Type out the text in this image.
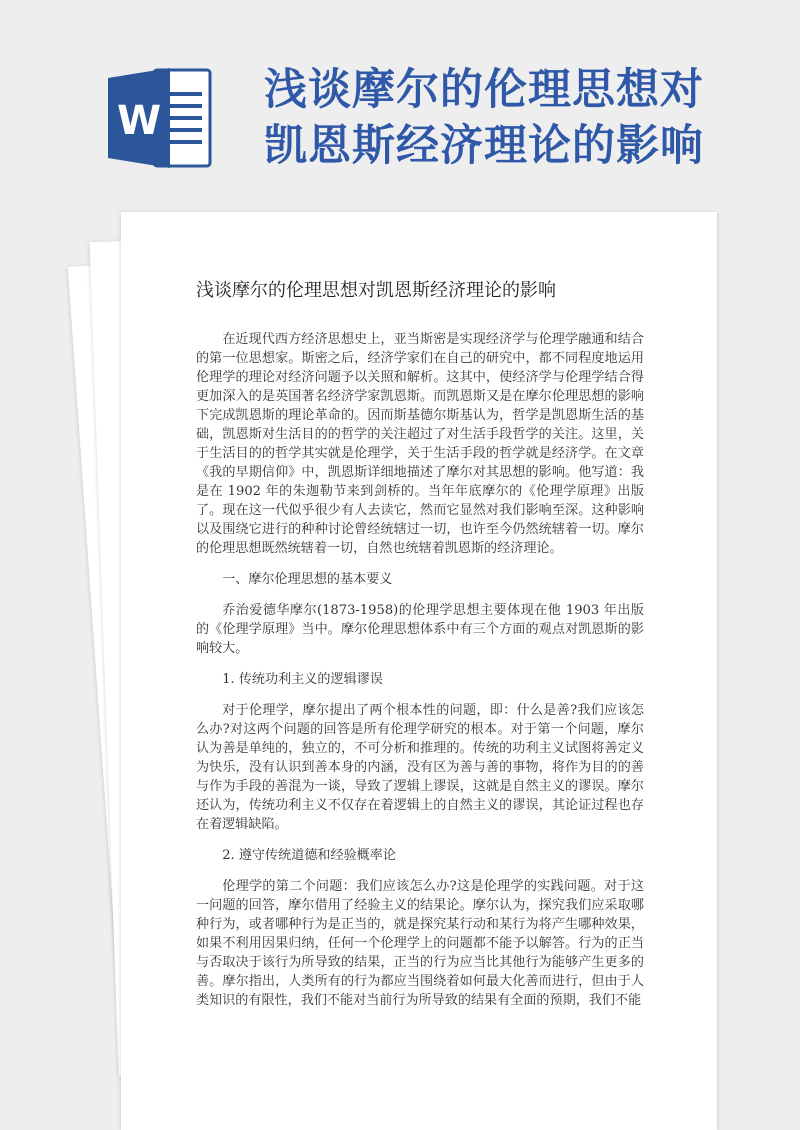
W
浅谈摩尔的伦理思想对
凯恩斯经济理论的影响
浅谈摩尔的伦理思想对凯恩斯经济理论的影响

在近现代西方经济思想史上，亚当斯密是实现经济学与伦理学融通和结合的第一位思想家。斯密之后，经济学家们在自己的研究中，都不同程度地运用伦理学的理论对经济问题予以关照和解析。这其中，使经济学与伦理学结合得更加深入的是英国著名经济学家凯恩斯。而凯恩斯又是在摩尔伦理思想的影响下完成凯恩斯的理论革命的。因而斯基德尔斯基认为，哲学是凯恩斯生活的基础，凯恩斯对生活目的的哲学的关注超过了对生活手段哲学的关注。这里，关于生活目的的哲学其实就是伦理学，关于生活手段的哲学就是经济学。在文章《我的早期信仰》中，凯恩斯详细地描述了摩尔对其思想的影响。他写道：我是在 1902 年的朱迦勒节来到剑桥的。当年年底摩尔的《伦理学原理》出版了。现在这一代似乎很少有人去读它，然而它显然对我们影响至深。这种影响以及围绕它进行的种种讨论曾经统辖过一切，也许至今仍然统辖着一切。摩尔的伦理思想既然统辖着一切，自然也统辖着凯恩斯的经济理论。

一、摩尔伦理思想的基本要义

乔治爱德华摩尔(1873-1958)的伦理学思想主要体现在他 1903 年出版的《伦理学原理》当中。摩尔伦理思想体系中有三个方面的观点对凯恩斯的影响较大。

1. 传统功利主义的逻辑谬误

对于伦理学，摩尔提出了两个根本性的问题，即：什么是善?我们应该怎么办?对这两个问题的回答是所有伦理学研究的根本。对于第一个问题，摩尔认为善是单纯的，独立的，不可分析和推理的。传统的功利主义试图将善定义为快乐，没有认识到善本身的内涵，没有区为善与善的事物，将作为目的的善与作为手段的善混为一谈，导致了逻辑上谬误，这就是自然主义的谬误。摩尔还认为，传统功利主义不仅存在着逻辑上的自然主义的谬误，其论证过程也存在着逻辑缺陷。

2. 遵守传统道德和经验概率论

伦理学的第二个问题：我们应该怎么办?这是伦理学的实践问题。对于这一问题的回答，摩尔借用了经验主义的结果论。摩尔认为，探究我们应采取哪种行为，或者哪种行为是正当的，就是探究某行动和某行为将产生哪种效果，如果不利用因果归纳，任何一个伦理学上的问题都不能予以解答。行为的正当与否取决于该行为所导致的结果，正当的行为应当比其他行为能够产生更多的善。摩尔指出，人类所有的行为都应当围绕着如何最大化善而进行，但由于人类知识的有限性，我们不能对当前行为所导致的结果有全面的预期，我们不能
